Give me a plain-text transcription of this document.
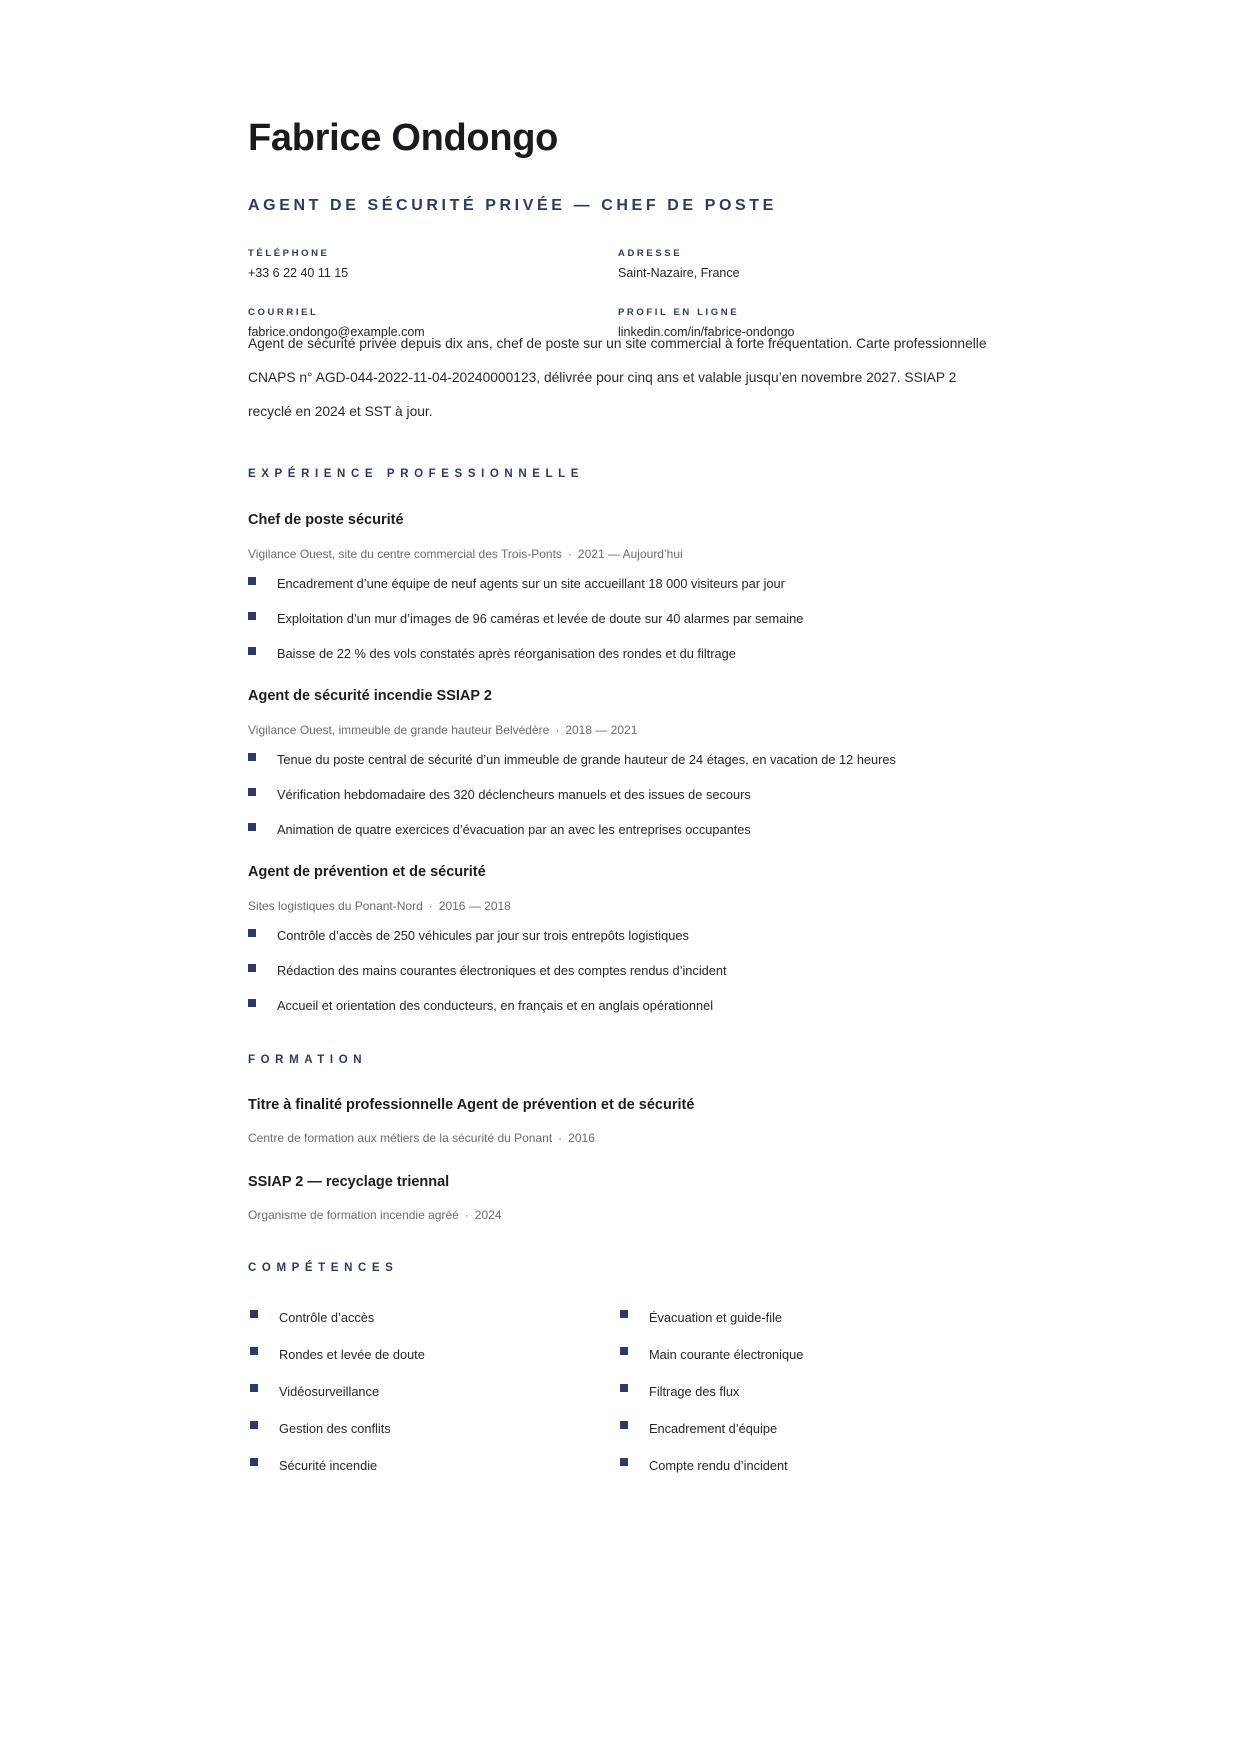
Fabrice Ondongo
AGENT DE SÉCURITÉ PRIVÉE — CHEF DE POSTE
TÉLÉPHONE
+33 6 22 40 11 15
ADRESSE
Saint-Nazaire, France
COURRIEL
fabrice.ondongo@example.com
PROFIL EN LIGNE
linkedin.com/in/fabrice-ondongo

Agent de sécurité privée depuis dix ans, chef de poste sur un site commercial à forte fréquentation. Carte professionnelle CNAPS n° AGD-044-2022-11-04-20240000123, délivrée pour cinq ans et valable jusqu’en novembre 2027. SSIAP 2 recyclé en 2024 et SST à jour.

EXPÉRIENCE PROFESSIONNELLE
Chef de poste sécurité
Vigilance Ouest, site du centre commercial des Trois-Ponts · 2021 — Aujourd’hui
Encadrement d’une équipe de neuf agents sur un site accueillant 18 000 visiteurs par jour
Exploitation d’un mur d’images de 96 caméras et levée de doute sur 40 alarmes par semaine
Baisse de 22 % des vols constatés après réorganisation des rondes et du filtrage
Agent de sécurité incendie SSIAP 2
Vigilance Ouest, immeuble de grande hauteur Belvédère · 2018 — 2021
Tenue du poste central de sécurité d’un immeuble de grande hauteur de 24 étages, en vacation de 12 heures
Vérification hebdomadaire des 320 déclencheurs manuels et des issues de secours
Animation de quatre exercices d’évacuation par an avec les entreprises occupantes
Agent de prévention et de sécurité
Sites logistiques du Ponant-Nord · 2016 — 2018
Contrôle d’accès de 250 véhicules par jour sur trois entrepôts logistiques
Rédaction des mains courantes électroniques et des comptes rendus d’incident
Accueil et orientation des conducteurs, en français et en anglais opérationnel
FORMATION
Titre à finalité professionnelle Agent de prévention et de sécurité
Centre de formation aux métiers de la sécurité du Ponant · 2016
SSIAP 2 — recyclage triennal
Organisme de formation incendie agréé · 2024
COMPÉTENCES
Contrôle d’accès	Évacuation et guide-file
Rondes et levée de doute	Main courante électronique
Vidéosurveillance	Filtrage des flux
Gestion des conflits	Encadrement d’équipe
Sécurité incendie	Compte rendu d’incident
